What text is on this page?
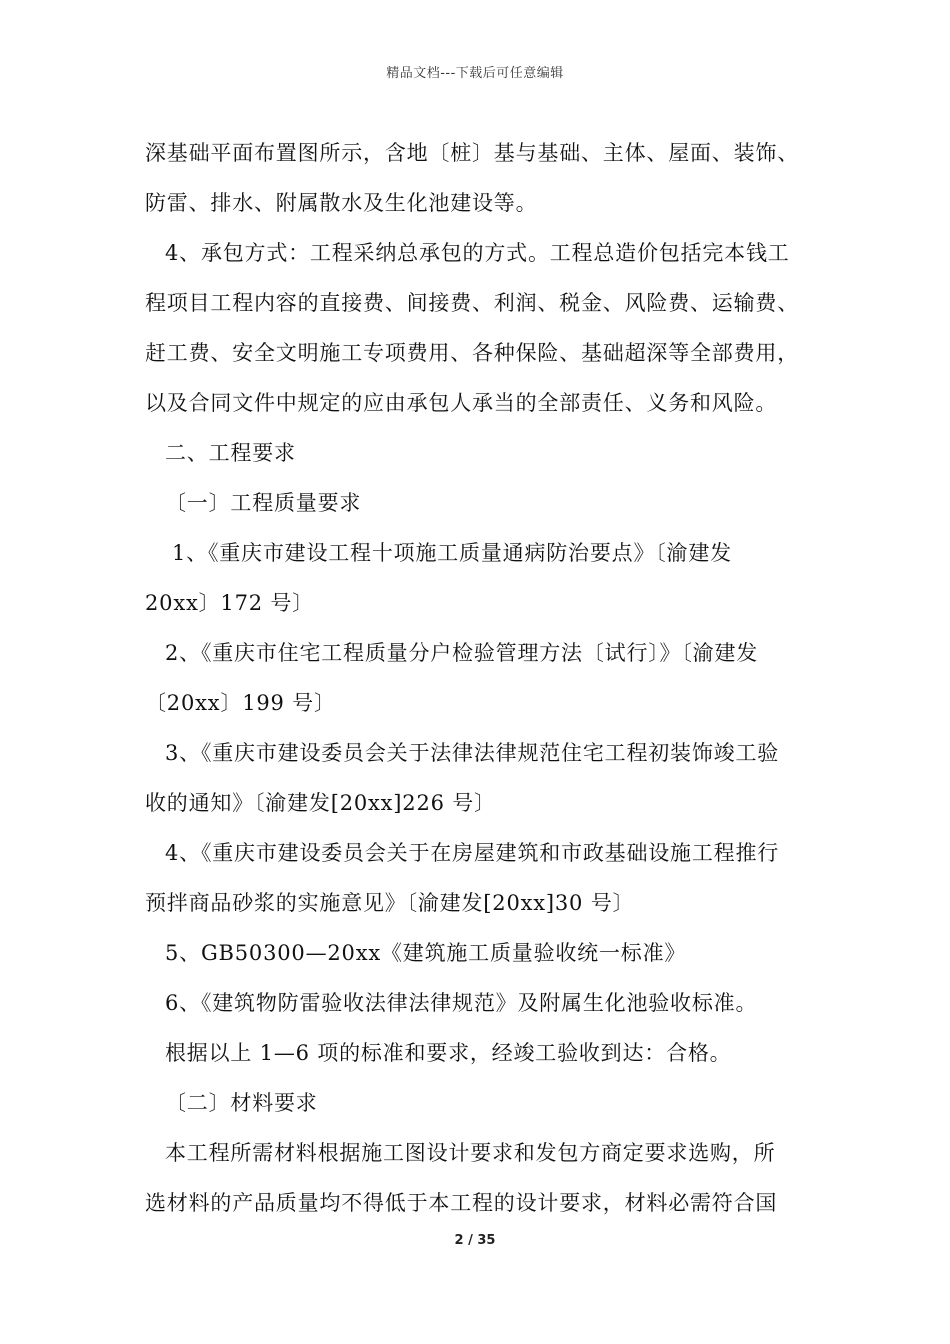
精品文档---下载后可任意编辑
深基础平面布置图所示，含地〔桩〕基与基础、主体、屋面、装饰、
防雷、排水、附属散水及生化池建设等。
4、承包方式：工程采纳总承包的方式。工程总造价包括完本钱工
程项目工程内容的直接费、间接费、利润、税金、风险费、运输费、
赶工费、安全文明施工专项费用、各种保险、基础超深等全部费用，
以及合同文件中规定的应由承包人承当的全部责任、义务和风险。
二、工程要求
〔一〕工程质量要求
1、《重庆市建设工程十项施工质量通病防治要点》〔渝建发
20xx〕172 号〕
2、《重庆市住宅工程质量分户检验管理方法〔试行〕》〔渝建发
〔20xx〕199 号〕
3、《重庆市建设委员会关于法律法律规范住宅工程初装饰竣工验
收的通知》〔渝建发[20xx]226 号〕
4、《重庆市建设委员会关于在房屋建筑和市政基础设施工程推行
预拌商品砂浆的实施意见》〔渝建发[20xx]30 号〕
5、GB50300—20xx《建筑施工质量验收统一标准》
6、《建筑物防雷验收法律法律规范》及附属生化池验收标准。
根据以上 1—6 项的标准和要求，经竣工验收到达：合格。
〔二〕材料要求
本工程所需材料根据施工图设计要求和发包方商定要求选购，所
选材料的产品质量均不得低于本工程的设计要求，材料必需符合国
2 / 35
